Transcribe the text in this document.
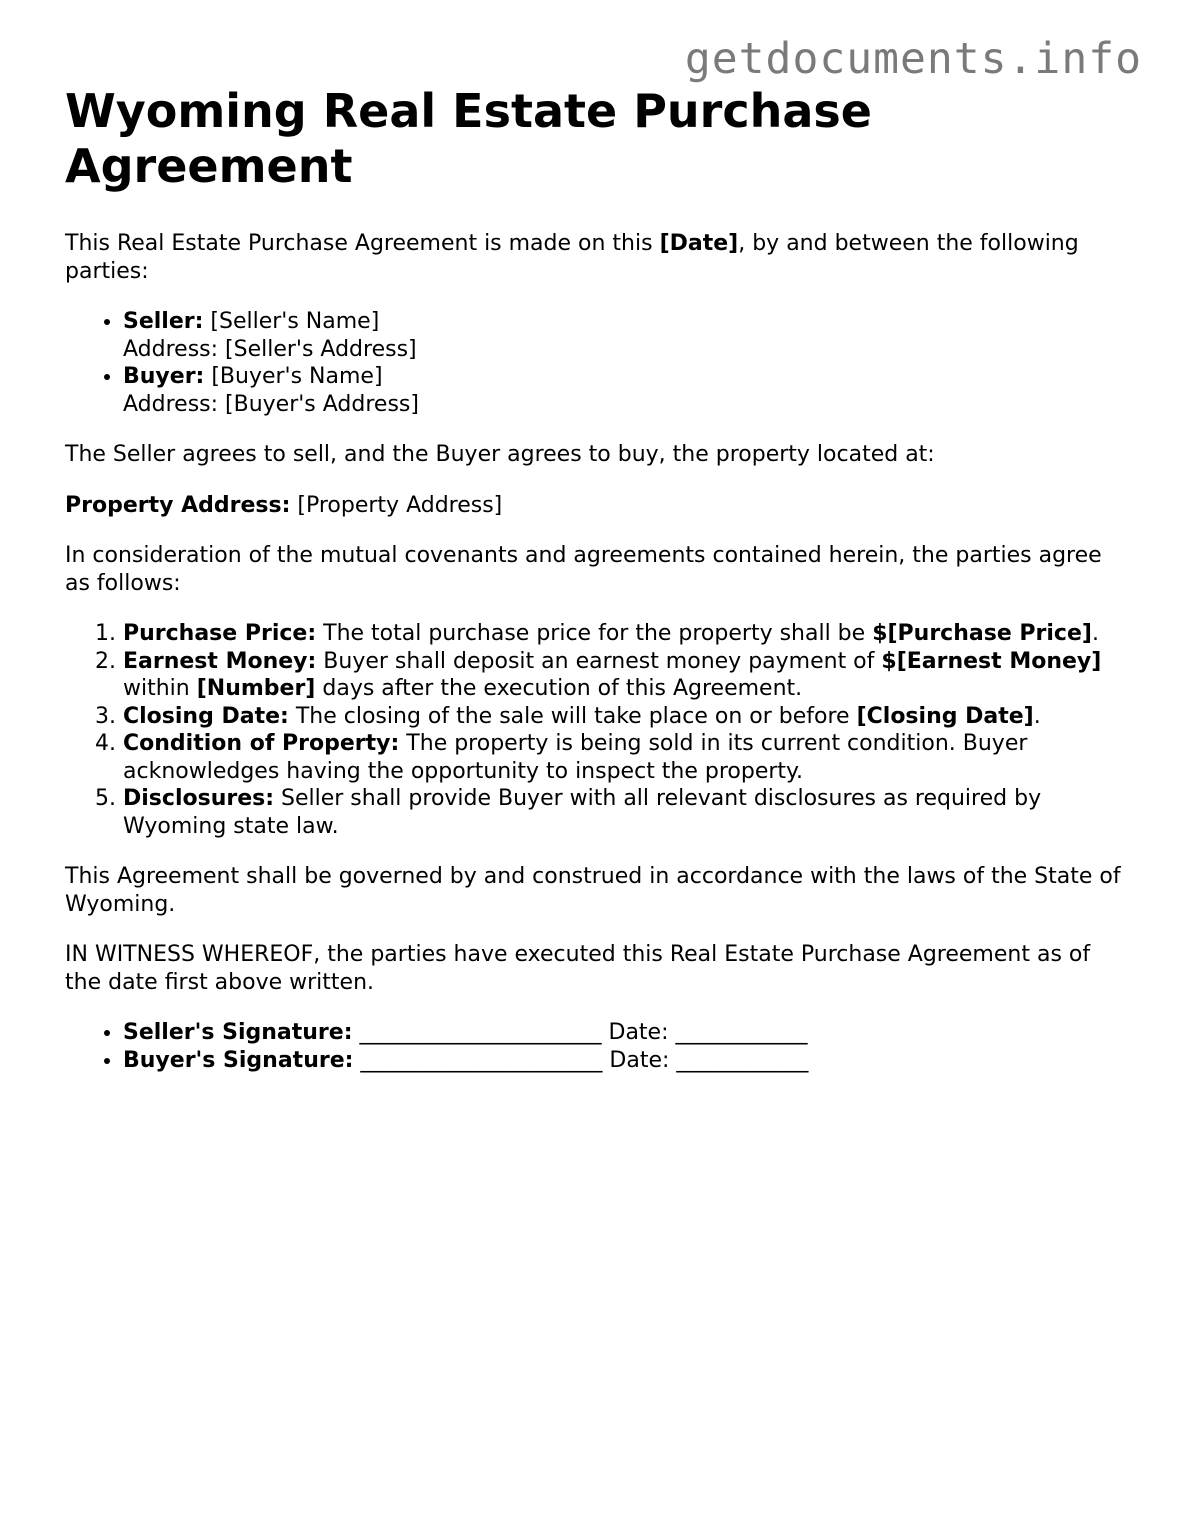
getdocuments.info
Wyoming Real Estate Purchase Agreement

This Real Estate Purchase Agreement is made on this [Date], by and between the following parties:

• Seller: [Seller's Name]
Address: [Seller's Address]
• Buyer: [Buyer's Name]
Address: [Buyer's Address]

The Seller agrees to sell, and the Buyer agrees to buy, the property located at:

Property Address: [Property Address]

In consideration of the mutual covenants and agreements contained herein, the parties agree as follows:

1. Purchase Price: The total purchase price for the property shall be $[Purchase Price].
2. Earnest Money: Buyer shall deposit an earnest money payment of $[Earnest Money] within [Number] days after the execution of this Agreement.
3. Closing Date: The closing of the sale will take place on or before [Closing Date].
4. Condition of Property: The property is being sold in its current condition. Buyer acknowledges having the opportunity to inspect the property.
5. Disclosures: Seller shall provide Buyer with all relevant disclosures as required by Wyoming state law.

This Agreement shall be governed by and construed in accordance with the laws of the State of Wyoming.

IN WITNESS WHEREOF, the parties have executed this Real Estate Purchase Agreement as of the date first above written.

• Seller's Signature: ______________________ Date: ____________
• Buyer's Signature: ______________________ Date: ____________
